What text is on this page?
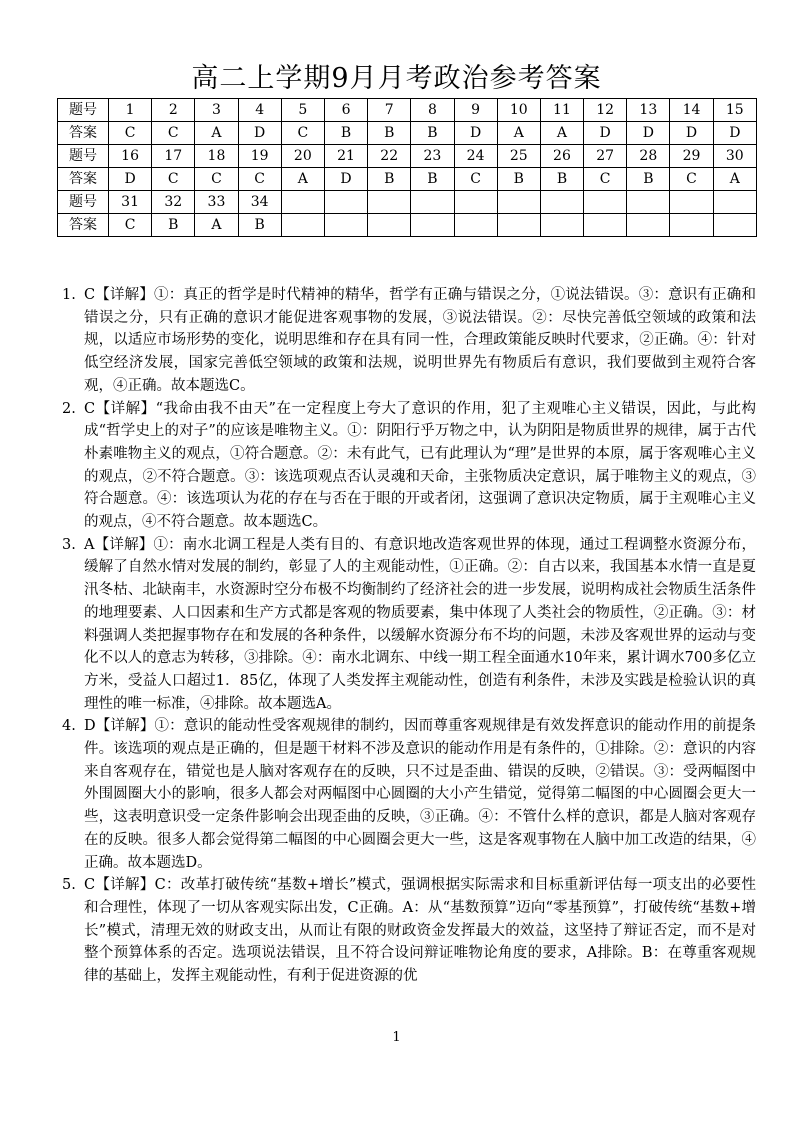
高二上学期9月月考政治参考答案
题号	1	2	3	4	5	6	7	8	9	10	11	12	13	14	15
答案	C	C	A	D	C	B	B	B	D	A	A	D	D	D	D
题号	16	17	18	19	20	21	22	23	24	25	26	27	28	29	30
答案	D	C	C	C	A	D	B	B	C	B	B	C	B	C	A
题号	31	32	33	34											
答案	C	B	A	B											
1. C【详解】①：真正的哲学是时代精神的精华，哲学有正确与错误之分，①说法错误。③：意识有正确和错误之分，只有正确的意识才能促进客观事物的发展，③说法错误。②：尽快完善低空领域的政策和法规，以适应市场形势的变化，说明思维和存在具有同一性，合理政策能反映时代要求，②正确。④：针对低空经济发展，国家完善低空领域的政策和法规，说明世界先有物质后有意识，我们要做到主观符合客观，④正确。故本题选C。
2. C【详解】“我命由我不由天”在一定程度上夸大了意识的作用，犯了主观唯心主义错误，因此，与此构成“哲学史上的对子”的应该是唯物主义。①：阴阳行乎万物之中，认为阴阳是物质世界的规律，属于古代朴素唯物主义的观点，①符合题意。②：未有此气，已有此理认为“理”是世界的本原，属于客观唯心主义的观点，②不符合题意。③：该选项观点否认灵魂和天命，主张物质决定意识，属于唯物主义的观点，③符合题意。④：该选项认为花的存在与否在于眼的开或者闭，这强调了意识决定物质，属于主观唯心主义的观点，④不符合题意。故本题选C。
3. A【详解】①：南水北调工程是人类有目的、有意识地改造客观世界的体现，通过工程调整水资源分布，缓解了自然水情对发展的制约，彰显了人的主观能动性，①正确。②：自古以来，我国基本水情一直是夏汛冬枯、北缺南丰，水资源时空分布极不均衡制约了经济社会的进一步发展，说明构成社会物质生活条件的地理要素、人口因素和生产方式都是客观的物质要素，集中体现了人类社会的物质性，②正确。③：材料强调人类把握事物存在和发展的各种条件，以缓解水资源分布不均的问题，未涉及客观世界的运动与变化不以人的意志为转移，③排除。④：南水北调东、中线一期工程全面通水10年来，累计调水700多亿立方米，受益人口超过1．85亿，体现了人类发挥主观能动性，创造有利条件，未涉及实践是检验认识的真理性的唯一标准，④排除。故本题选A。
4. D【详解】①：意识的能动性受客观规律的制约，因而尊重客观规律是有效发挥意识的能动作用的前提条件。该选项的观点是正确的，但是题干材料不涉及意识的能动作用是有条件的，①排除。②：意识的内容来自客观存在，错觉也是人脑对客观存在的反映，只不过是歪曲、错误的反映，②错误。③：受两幅图中外围圆圈大小的影响，很多人都会对两幅图中心圆圈的大小产生错觉，觉得第二幅图的中心圆圈会更大一些，这表明意识受一定条件影响会出现歪曲的反映，③正确。④：不管什么样的意识，都是人脑对客观存在的反映。很多人都会觉得第二幅图的中心圆圈会更大一些，这是客观事物在人脑中加工改造的结果，④正确。故本题选D。
5. C【详解】C：改革打破传统“基数+增长”模式，强调根据实际需求和目标重新评估每一项支出的必要性和合理性，体现了一切从客观实际出发，C正确。A：从“基数预算”迈向“零基预算”，打破传统“基数+增长”模式，清理无效的财政支出，从而让有限的财政资金发挥最大的效益，这坚持了辩证否定，而不是对整个预算体系的否定。选项说法错误，且不符合设问辩证唯物论角度的要求，A排除。B：在尊重客观规律的基础上，发挥主观能动性，有利于促进资源的优
1
